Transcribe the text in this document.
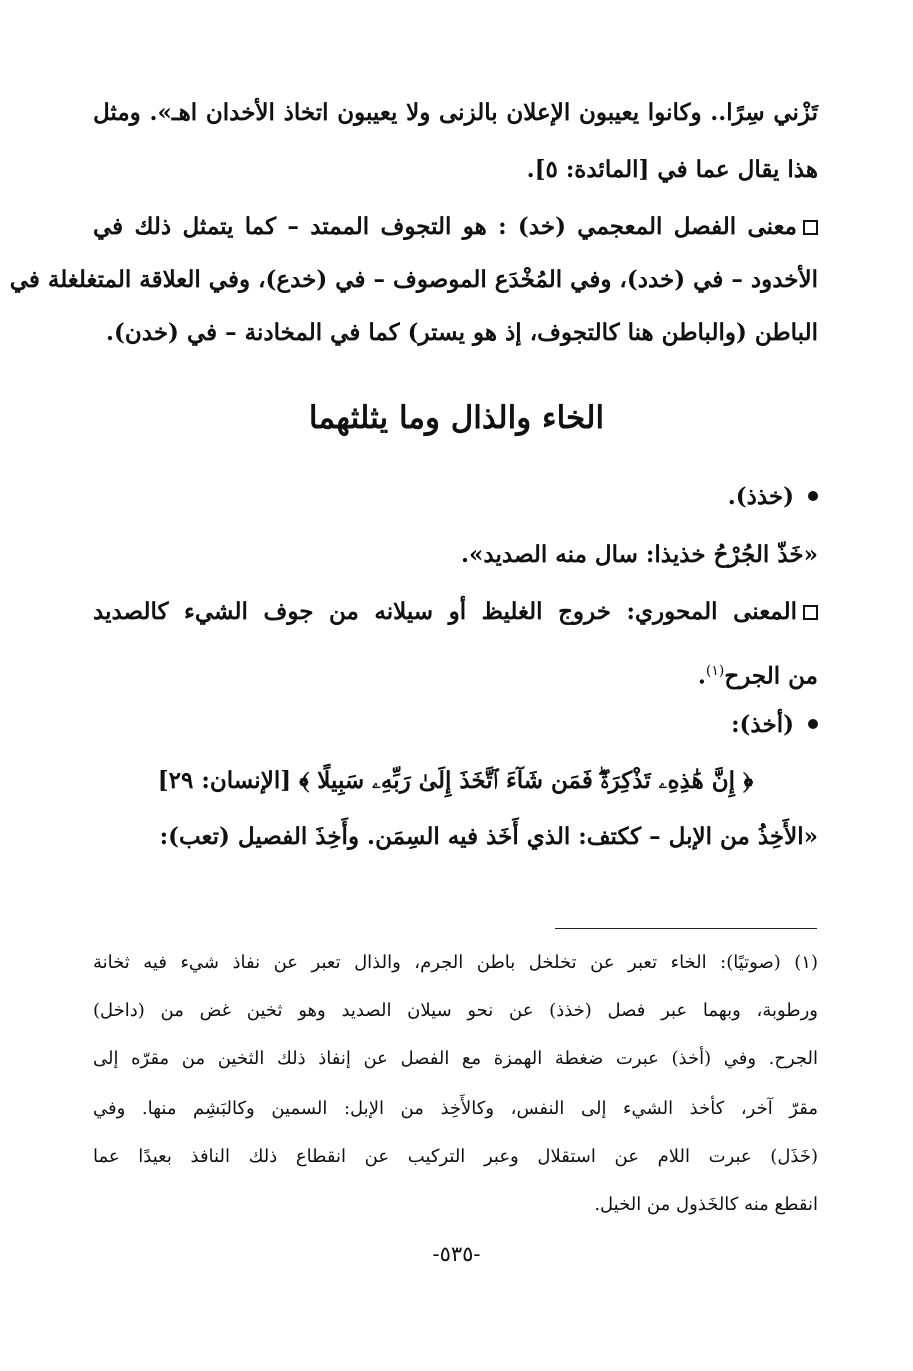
تَزْني سِرًا.. وكانوا يعيبون الإعلان بالزنى ولا يعيبون اتخاذ الأخدان اهـ». ومثل
هذا يقال عما في [المائدة: ٥].
معنى الفصل المعجمي (خد) : هو التجوف الممتد – كما يتمثل ذلك في
الأخدود – في (خدد)، وفي المُخْدَع الموصوف – في (خدع)، وفي العلاقة المتغلغلة في
الباطن (والباطن هنا كالتجوف، إذ هو يستر) كما في المخادنة – في (خدن).
الخاء والذال وما يثلثهما
(خذذ).
«خَذّ الجُرْحُ خذيذا: سال منه الصديد».
المعنى المحوري: خروج الغليظ أو سيلانه من جوف الشيء كالصديد
من الجرح$^{(١)}$.
(أخذ):
﴿ إِنَّ هَٰذِهِۦ تَذْكِرَةٌۖ فَمَن شَآءَ ٱتَّخَذَ إِلَىٰ رَبِّهِۦ سَبِيلًا ﴾ [الإنسان: ٢٩]
«الأَخِذُ من الإبل – ككتف: الذي أَخَذ فيه السِمَن. وأَخِذَ الفصيل (تعب):
(١) (صوتيًا): الخاء تعبر عن تخلخل باطن الجرم، والذال تعبر عن نفاذ شيء فيه ثخانة
ورطوبة، وبهما عبر فصل (خذذ) عن نحو سيلان الصديد وهو ثخين غض من (داخل)
الجرح. وفي (أخذ) عبرت ضغطة الهمزة مع الفصل عن إنفاذ ذلك الثخين من مقرّه إلى
مقرّ آخر، كأخذ الشيء إلى النفس، وكالأَخِذ من الإبل: السمين وكالبَشِم منها. وفي
(خَذَل) عبرت اللام عن استقلال وعبر التركيب عن انقطاع ذلك النافذ بعيدًا عما
انقطع منه كالخَذول من الخيل.
-٥٣٥-
